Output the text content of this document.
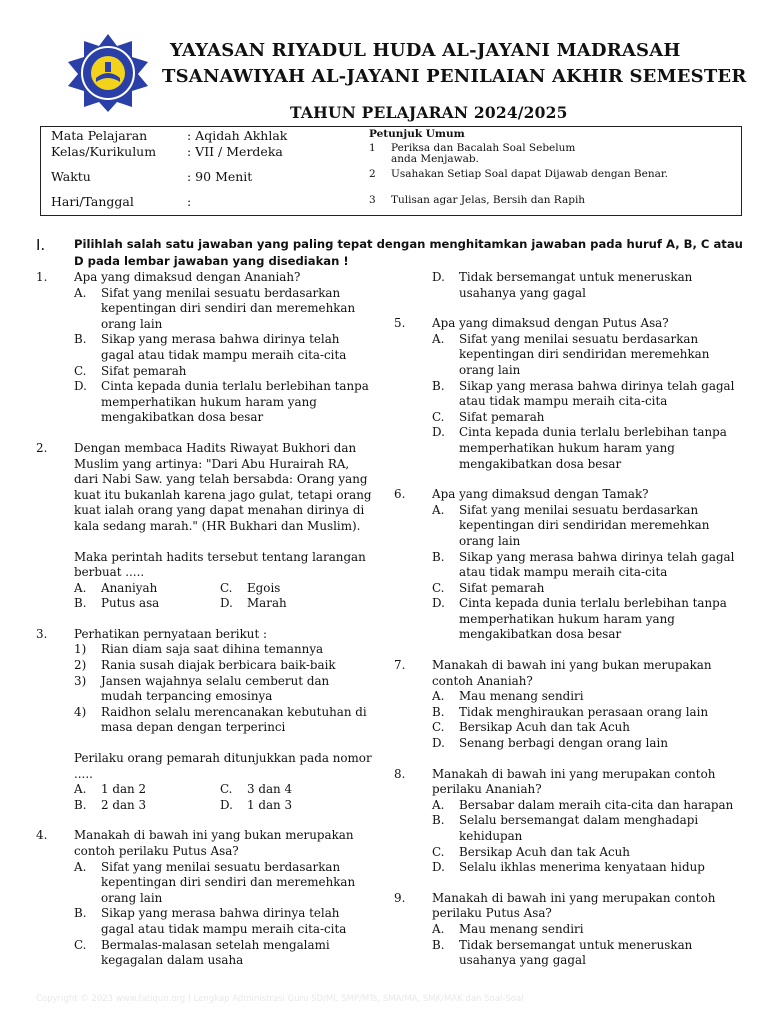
YAYASAN RIYADUL HUDA AL-JAYANI MADRASAH
TSANAWIYAH AL-JAYANI PENILAIAN AKHIR SEMESTER
TAHUN PELAJARAN 2024/2025
Mata Pelajaran	: Aqidah Akhlak
Kelas/Kurikulum : VII / Merdeka
Waktu	: 90 Menit
Hari/Tanggal	:
Petunjuk Umum
1 Periksa dan Bacalah Soal Sebelum
anda Menjawab.
2 Usahakan Setiap Soal dapat Dijawab dengan Benar.
3 Tulisan agar Jelas, Bersih dan Rapih
I. Pilihlah salah satu jawaban yang paling tepat dengan menghitamkan jawaban pada huruf A, B, C atau D pada lembar jawaban yang disediakan !
1. Apa yang dimaksud dengan Ananiah?
A. Sifat yang menilai sesuatu berdasarkan kepentingan diri sendiri dan meremehkan orang lain
B. Sikap yang merasa bahwa dirinya telah gagal atau tidak mampu meraih cita-cita
C. Sifat pemarah
D. Cinta kepada dunia terlalu berlebihan tanpa memperhatikan hukum haram yang mengakibatkan dosa besar
2. Dengan membaca Hadits Riwayat Bukhori dan Muslim yang artinya: "Dari Abu Hurairah RA, dari Nabi Saw. yang telah bersabda: Orang yang kuat itu bukanlah karena jago gulat, tetapi orang kuat ialah orang yang dapat menahan dirinya di kala sedang marah." (HR Bukhari dan Muslim).
Maka perintah hadits tersebut tentang larangan berbuat .....
A. Ananiyah	C. Egois
B. Putus asa	D. Marah
3. Perhatikan pernyataan berikut :
1) Rian diam saja saat dihina temannya
2) Rania susah diajak berbicara baik-baik
3) Jansen wajahnya selalu cemberut dan mudah terpancing emosinya
4) Raidhon selalu merencanakan kebutuhan di masa depan dengan terperinci
Perilaku orang pemarah ditunjukkan pada nomor .....
A. 1 dan 2	C. 3 dan 4
B. 2 dan 3	D. 1 dan 3
4. Manakah di bawah ini yang bukan merupakan contoh perilaku Putus Asa?
A. Sifat yang menilai sesuatu berdasarkan kepentingan diri sendiri dan meremehkan orang lain
B. Sikap yang merasa bahwa dirinya telah gagal atau tidak mampu meraih cita-cita
C. Bermalas-malasan setelah mengalami kegagalan dalam usaha
D. Tidak bersemangat untuk meneruskan usahanya yang gagal
5. Apa yang dimaksud dengan Putus Asa?
A. Sifat yang menilai sesuatu berdasarkan kepentingan diri sendiridan meremehkan orang lain
B. Sikap yang merasa bahwa dirinya telah gagal atau tidak mampu meraih cita-cita
C. Sifat pemarah
D. Cinta kepada dunia terlalu berlebihan tanpa memperhatikan hukum haram yang mengakibatkan dosa besar
6. Apa yang dimaksud dengan Tamak?
A. Sifat yang menilai sesuatu berdasarkan kepentingan diri sendiridan meremehkan orang lain
B. Sikap yang merasa bahwa dirinya telah gagal atau tidak mampu meraih cita-cita
C. Sifat pemarah
D. Cinta kepada dunia terlalu berlebihan tanpa memperhatikan hukum haram yang mengakibatkan dosa besar
7. Manakah di bawah ini yang bukan merupakan contoh Ananiah?
A. Mau menang sendiri
B. Tidak menghiraukan perasaan orang lain
C. Bersikap Acuh dan tak Acuh
D. Senang berbagi dengan orang lain
8. Manakah di bawah ini yang merupakan contoh perilaku Ananiah?
A. Bersabar dalam meraih cita-cita dan harapan
B. Selalu bersemangat dalam menghadapi kehidupan
C. Bersikap Acuh dan tak Acuh
D. Selalu ikhlas menerima kenyataan hidup
9. Manakah di bawah ini yang merupakan contoh perilaku Putus Asa?
A. Mau menang sendiri
B. Tidak bersemangat untuk meneruskan usahanya yang gagal
Copyright © 2023 www.fatiqun.org | Lengkap Administrasi Guru SD/MI, SMP/MTs, SMA/MA, SMK/MAK dan Soal-Soal
